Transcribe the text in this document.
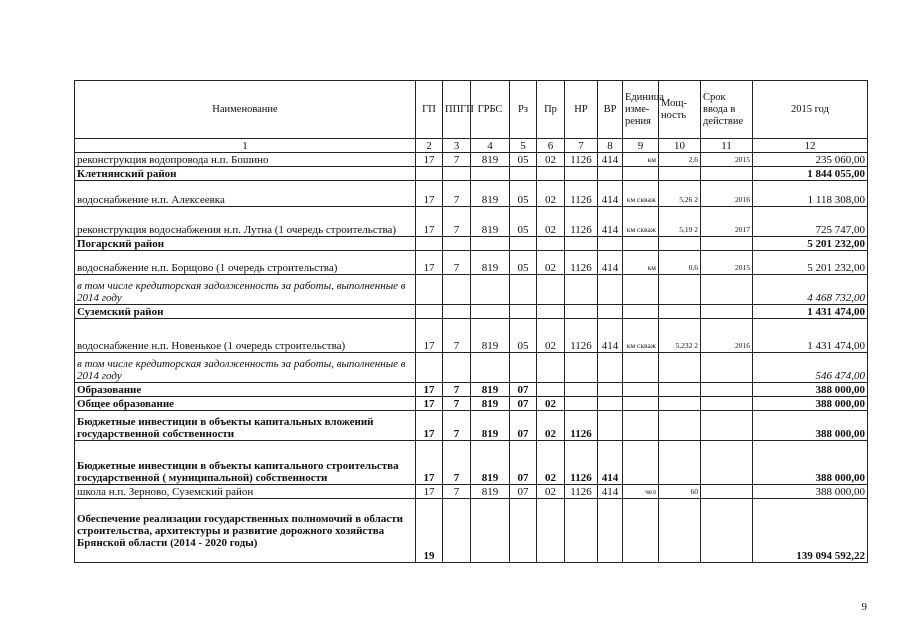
Наименование	ГП	ППГП	ГРБС	Рз	Пр	НР	ВР	Единица изме-рения	Мощ-ность	Срок ввода в действие	2015 год
1	2	3	4	5	6	7	8	9	10	11	12
реконструкция водопровода н.п. Бошино	17	7	819	05	02	1126	414	км	2,6	2015	235 060,00
Клетнянский район											1 844 055,00
водоснабжение н.п. Алексеевка	17	7	819	05	02	1126	414	км скваж	5,26 2	2016	1 118 308,00
реконструкция водоснабжения н.п. Лутна (1 очередь строительства)	17	7	819	05	02	1126	414	км скваж	5,19 2	2017	725 747,00
Погарский район											5 201 232,00
водоснабжение н.п. Борщово (1 очередь строительства)	17	7	819	05	02	1126	414	км	0,6	2015	5 201 232,00
в том числе кредиторская задолженность за работы, выполненные в 2014 году											4 468 732,00
Суземский район											1 431 474,00
водоснабжение н.п. Новенькое (1 очередь строительства)	17	7	819	05	02	1126	414	км скваж	5,232 2	2016	1 431 474,00
в том числе кредиторская задолженность за работы, выполненные в 2014 году											546 474,00
Образование	17	7	819	07							388 000,00
Общее образование	17	7	819	07	02						388 000,00
Бюджетные инвестиции в объекты капитальных вложений государственной собственности	17	7	819	07	02	1126					388 000,00
Бюджетные инвестиции в объекты капитального строительства государственной ( муниципальной) собственности	17	7	819	07	02	1126	414				388 000,00
школа н.п. Зерново, Суземский район	17	7	819	07	02	1126	414	чел	60		388 000,00
Обеспечение реализации государственных полномочий в области строительства, архитектуры и развитие дорожного хозяйства Брянской области (2014 - 2020 годы)	19										139 094 592,22
9
